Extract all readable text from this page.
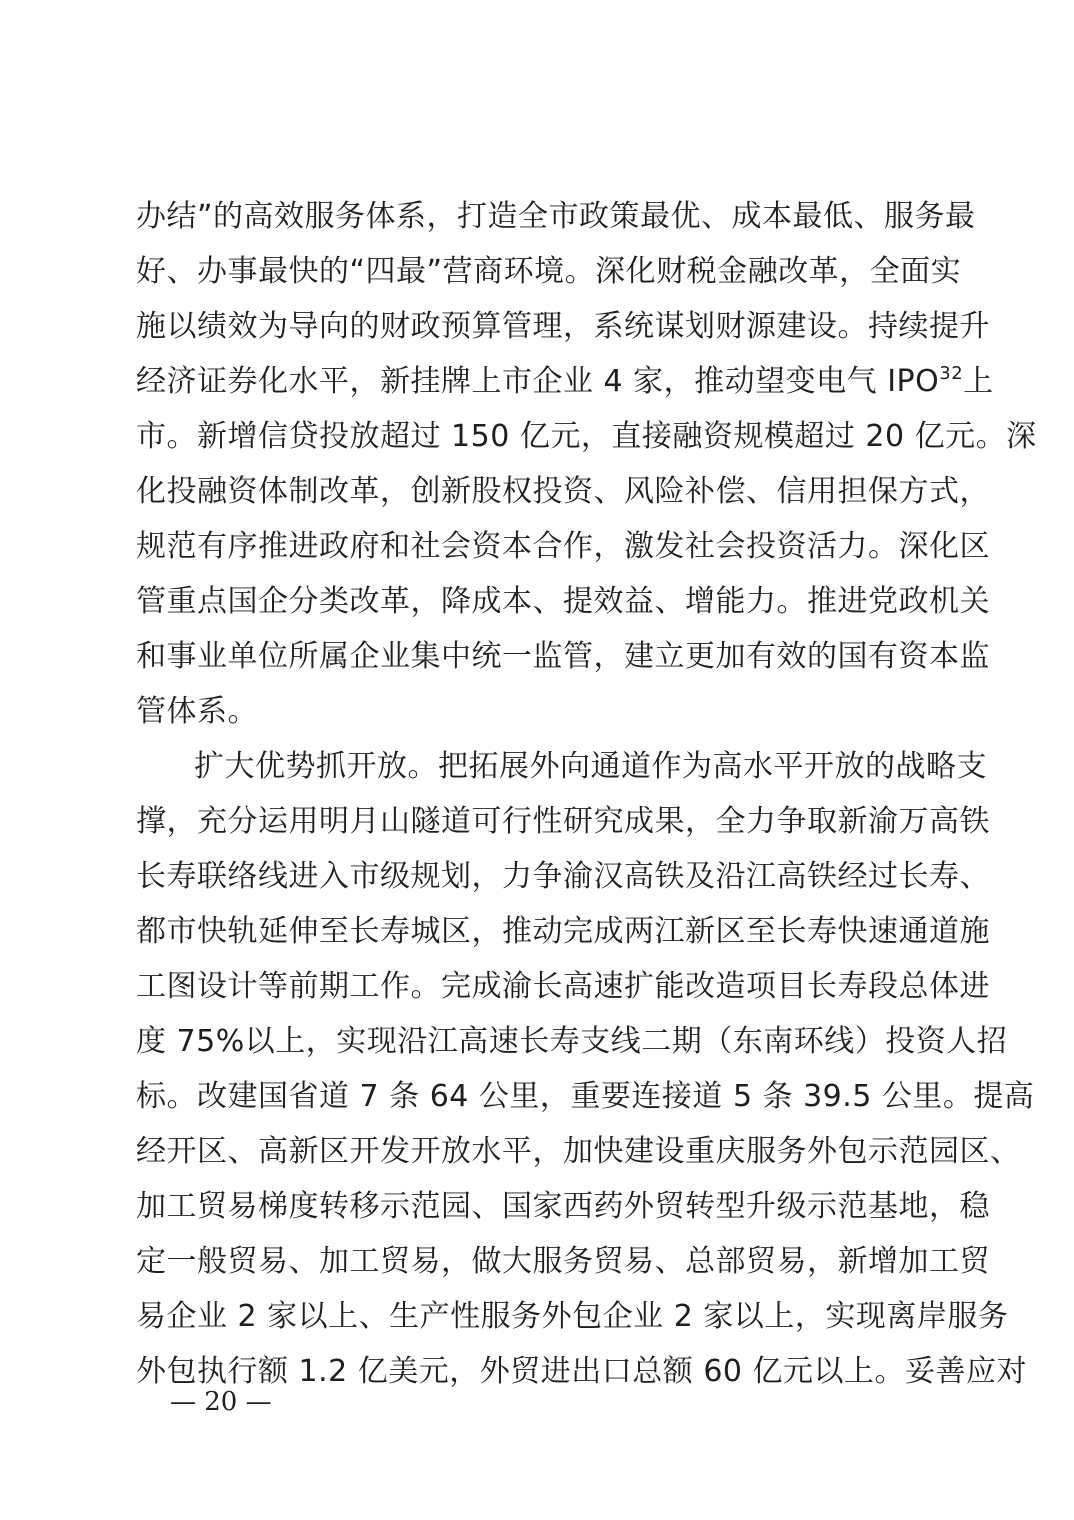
办结”的高效服务体系，打造全市政策最优、成本最低、服务最
好、办事最快的“四最”营商环境。深化财税金融改革，全面实
施以绩效为导向的财政预算管理，系统谋划财源建设。持续提升
经济证券化水平，新挂牌上市企业 4 家，推动望变电气 IPO$^{32}$上
市。新增信贷投放超过 150 亿元，直接融资规模超过 20 亿元。深
化投融资体制改革，创新股权投资、风险补偿、信用担保方式，
规范有序推进政府和社会资本合作，激发社会投资活力。深化区
管重点国企分类改革，降成本、提效益、增能力。推进党政机关
和事业单位所属企业集中统一监管，建立更加有效的国有资本监
管体系。
扩大优势抓开放。把拓展外向通道作为高水平开放的战略支
撑，充分运用明月山隧道可行性研究成果，全力争取新渝万高铁
长寿联络线进入市级规划，力争渝汉高铁及沿江高铁经过长寿、
都市快轨延伸至长寿城区，推动完成两江新区至长寿快速通道施
工图设计等前期工作。完成渝长高速扩能改造项目长寿段总体进
度 75%以上，实现沿江高速长寿支线二期（东南环线）投资人招
标。改建国省道 7 条 64 公里，重要连接道 5 条 39.5 公里。提高
经开区、高新区开发开放水平，加快建设重庆服务外包示范园区、
加工贸易梯度转移示范园、国家西药外贸转型升级示范基地，稳
定一般贸易、加工贸易，做大服务贸易、总部贸易，新增加工贸
易企业 2 家以上、生产性服务外包企业 2 家以上，实现离岸服务
外包执行额 1.2 亿美元，外贸进出口总额 60 亿元以上。妥善应对
— 20 —
